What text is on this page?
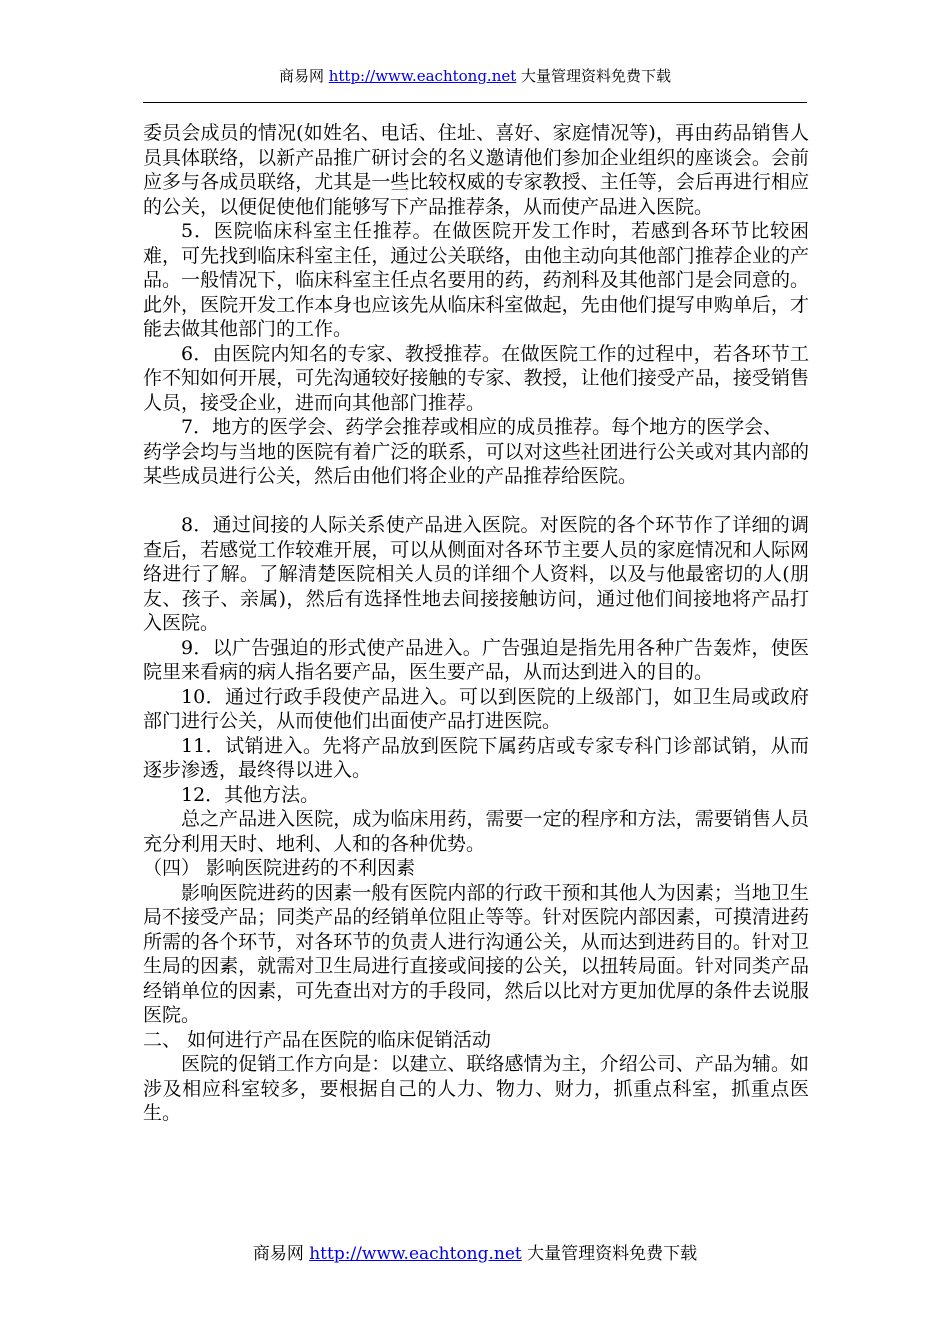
商易网 http://www.eachtong.net 大量管理资料免费下载

委员会成员的情况(如姓名、电话、住址、喜好、家庭情况等)，再由药品销售人员具体联络，以新产品推广研讨会的名义邀请他们参加企业组织的座谈会。会前应多与各成员联络，尤其是一些比较权威的专家教授、主任等，会后再进行相应的公关，以便促使他们能够写下产品推荐条，从而使产品进入医院。

5．医院临床科室主任推荐。在做医院开发工作时，若感到各环节比较困难，可先找到临床科室主任，通过公关联络，由他主动向其他部门推荐企业的产品。一般情况下，临床科室主任点名要用的药，药剂科及其他部门是会同意的。此外，医院开发工作本身也应该先从临床科室做起，先由他们提写申购单后，才能去做其他部门的工作。

6．由医院内知名的专家、教授推荐。在做医院工作的过程中，若各环节工作不知如何开展，可先沟通较好接触的专家、教授，让他们接受产品，接受销售人员，接受企业，进而向其他部门推荐。

7．地方的医学会、药学会推荐或相应的成员推荐。每个地方的医学会、

药学会均与当地的医院有着广泛的联系，可以对这些社团进行公关或对其内部的某些成员进行公关，然后由他们将企业的产品推荐给医院。

8．通过间接的人际关系使产品进入医院。对医院的各个环节作了详细的调查后，若感觉工作较难开展，可以从侧面对各环节主要人员的家庭情况和人际网络进行了解。了解清楚医院相关人员的详细个人资料，以及与他最密切的人(朋友、孩子、亲属)，然后有选择性地去间接接触访问，通过他们间接地将产品打入医院。

9．以广告强迫的形式使产品进入。广告强迫是指先用各种广告轰炸，使医院里来看病的病人指名要产品，医生要产品，从而达到进入的目的。

10．通过行政手段使产品进入。可以到医院的上级部门，如卫生局或政府部门进行公关，从而使他们出面使产品打进医院。

11．试销进入。先将产品放到医院下属药店或专家专科门诊部试销，从而逐步渗透，最终得以进入。

12．其他方法。

总之产品进入医院，成为临床用药，需要一定的程序和方法，需要销售人员充分利用天时、地利、人和的各种优势。

（四） 影响医院进药的不利因素

影响医院进药的因素一般有医院内部的行政干预和其他人为因素；当地卫生局不接受产品；同类产品的经销单位阻止等等。针对医院内部因素，可摸清进药所需的各个环节，对各环节的负责人进行沟通公关，从而达到进药目的。针对卫生局的因素，就需对卫生局进行直接或间接的公关，以扭转局面。针对同类产品经销单位的因素，可先查出对方的手段同，然后以比对方更加优厚的条件去说服医院。

二、 如何进行产品在医院的临床促销活动

医院的促销工作方向是：以建立、联络感情为主，介绍公司、产品为辅。如涉及相应科室较多，要根据自己的人力、物力、财力，抓重点科室，抓重点医生。

商易网 http://www.eachtong.net 大量管理资料免费下载
